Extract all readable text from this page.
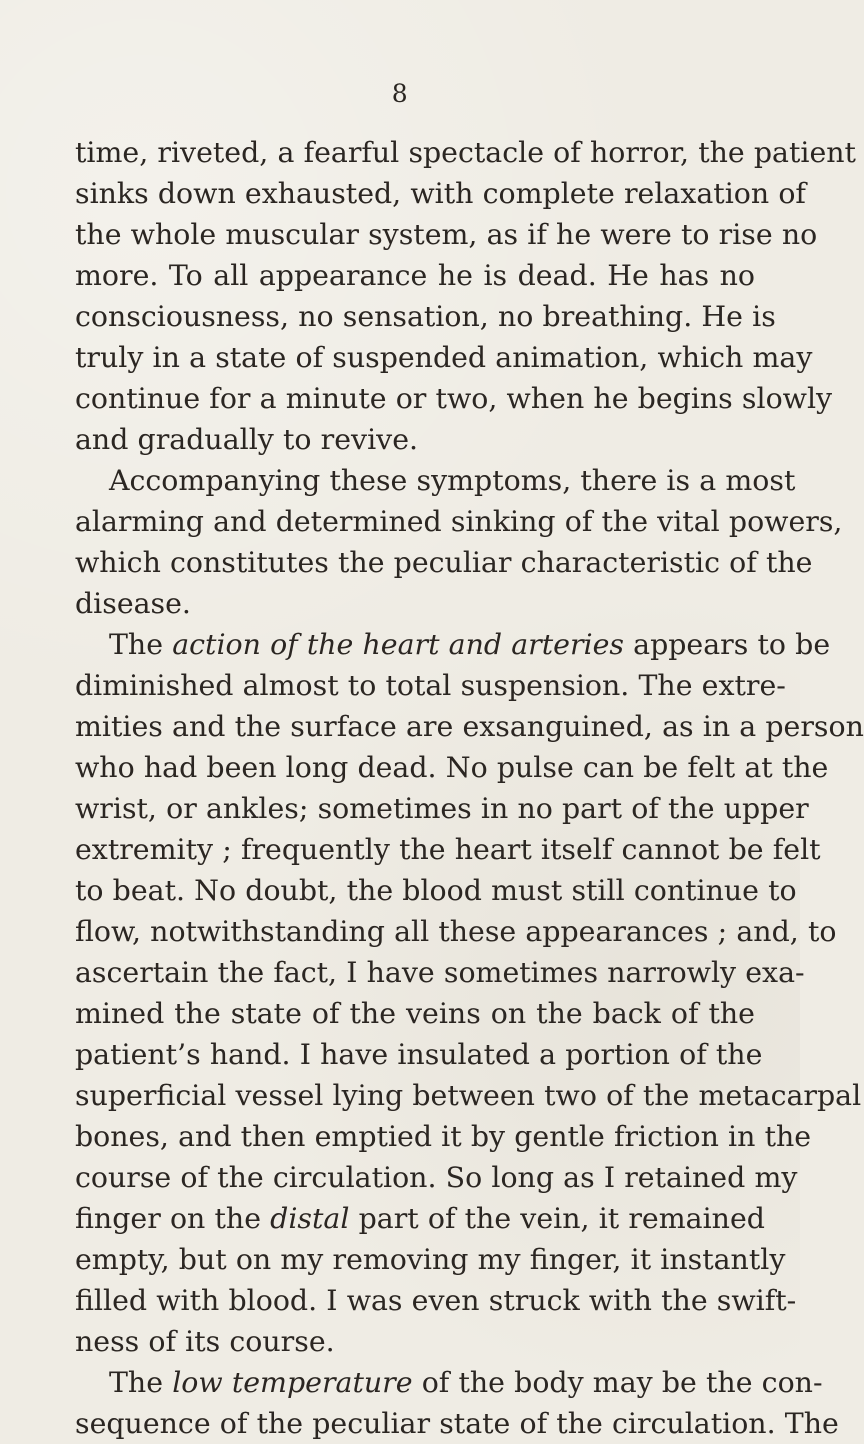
8
time, riveted, a fearful spectacle of horror, the patient
sinks down exhausted, with complete relaxation of
the whole muscular system, as if he were to rise no
more. To all appearance he is dead. He has no
consciousness, no sensation, no breathing. He is
truly in a state of suspended animation, which may
continue for a minute or two, when he begins slowly
and gradually to revive.
Accompanying these symptoms, there is a most
alarming and determined sinking of the vital powers,
which constitutes the peculiar characteristic of the
disease.
The action of the heart and arteries appears to be
diminished almost to total suspension. The extre-
mities and the surface are exsanguined, as in a person
who had been long dead. No pulse can be felt at the
wrist, or ankles; sometimes in no part of the upper
extremity ; frequently the heart itself cannot be felt
to beat. No doubt, the blood must still continue to
flow, notwithstanding all these appearances ; and, to
ascertain the fact, I have sometimes narrowly exa-
mined the state of the veins on the back of the
patient’s hand. I have insulated a portion of the
superficial vessel lying between two of the metacarpal
bones, and then emptied it by gentle friction in the
course of the circulation. So long as I retained my
finger on the distal part of the vein, it remained
empty, but on my removing my finger, it instantly
filled with blood. I was even struck with the swift-
ness of its course.
The low temperature of the body may be the con-
sequence of the peculiar state of the circulation. The
